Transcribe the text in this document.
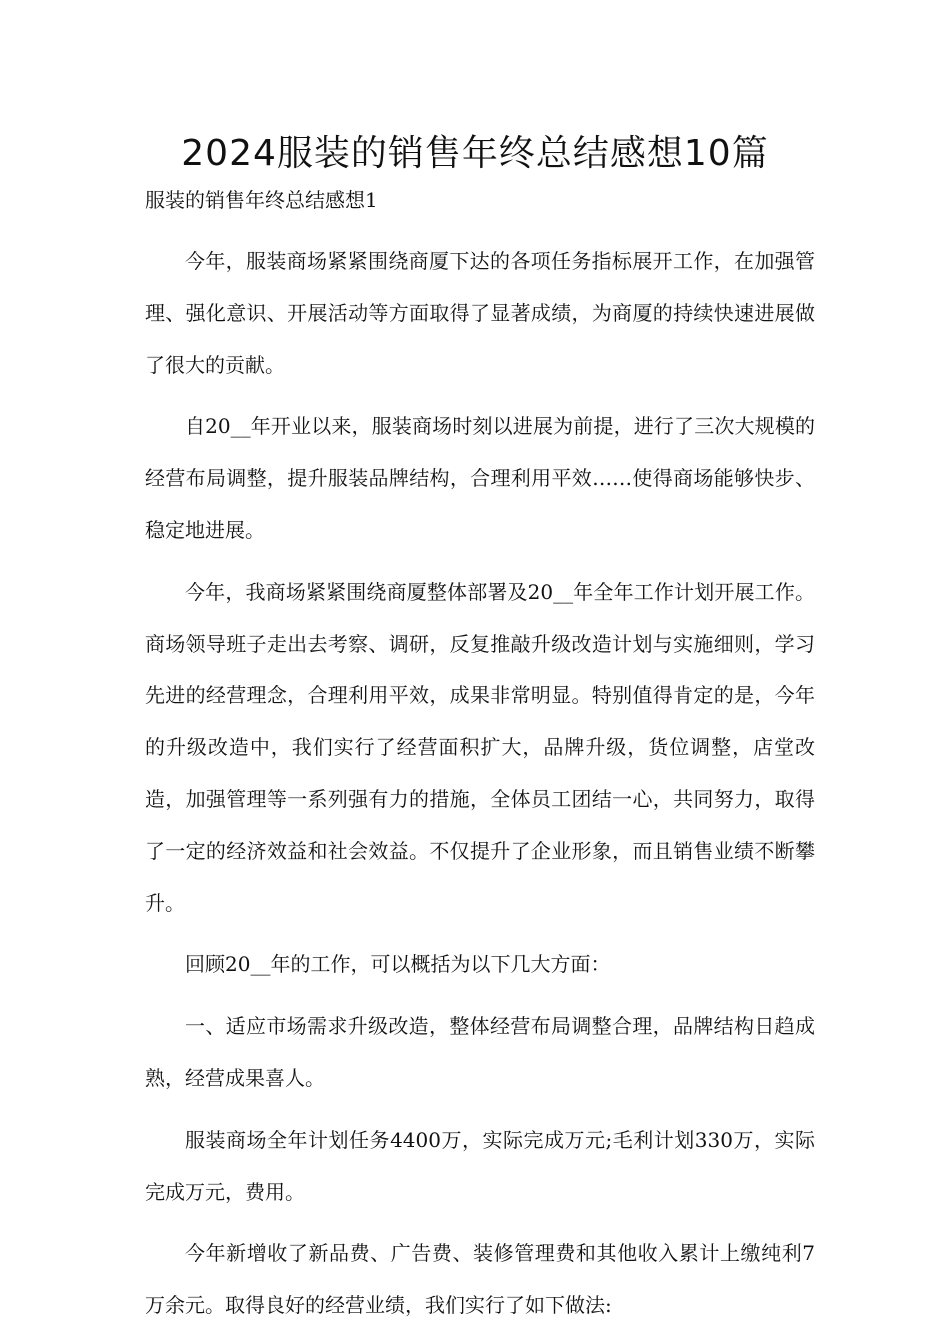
2024服装的销售年终总结感想10篇
服装的销售年终总结感想1

今年，服装商场紧紧围绕商厦下达的各项任务指标展开工作，在加强管理、强化意识、开展活动等方面取得了显著成绩，为商厦的持续快速进展做了很大的贡献。

自20__年开业以来，服装商场时刻以进展为前提，进行了三次大规模的经营布局调整，提升服装品牌结构，合理利用平效……使得商场能够快步、稳定地进展。

今年，我商场紧紧围绕商厦整体部署及20__年全年工作计划开展工作。商场领导班子走出去考察、调研，反复推敲升级改造计划与实施细则，学习先进的经营理念，合理利用平效，成果非常明显。特别值得肯定的是，今年的升级改造中，我们实行了经营面积扩大，品牌升级，货位调整，店堂改造，加强管理等一系列强有力的措施，全体员工团结一心，共同努力，取得了一定的经济效益和社会效益。不仅提升了企业形象，而且销售业绩不断攀升。

回顾20__年的工作，可以概括为以下几大方面：

一、适应市场需求升级改造，整体经营布局调整合理，品牌结构日趋成熟，经营成果喜人。

服装商场全年计划任务4400万，实际完成万元;毛利计划330万，实际完成万元，费用。

今年新增收了新品费、广告费、装修管理费和其他收入累计上缴纯利7万余元。取得良好的经营业绩，我们实行了如下做法:
